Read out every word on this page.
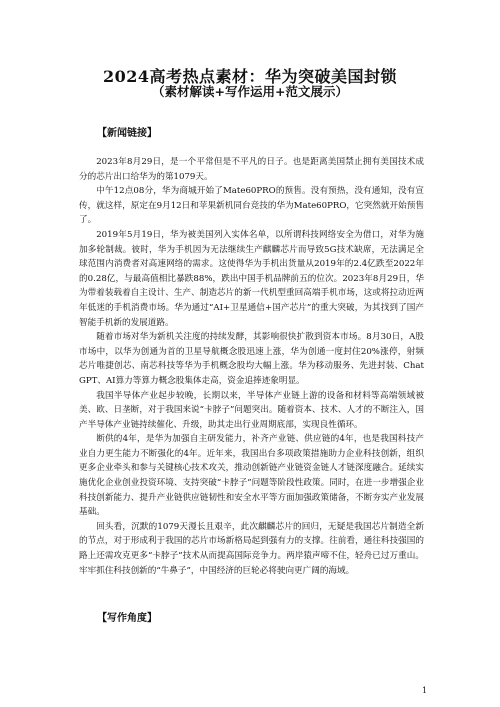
2024高考热点素材：华为突破美国封锁
（素材解读+写作运用+范文展示）
【新闻链接】

2023年8月29日，是一个平常但是不平凡的日子。也是距离美国禁止拥有美国技术成分的芯片出口给华为的第1079天。

中午12点08分，华为商城开始了Mate60PRO的预售。没有预热，没有通知，没有宣传，就这样，原定在9月12日和苹果新机同台竞技的华为Mate60PRO，它突然就开始预售了。

2019年5月19日，华为被美国列入实体名单，以所谓科技网络安全为借口，对华为施加多轮制裁。彼时，华为手机因为无法继续生产麒麟芯片而导致5G技术缺席，无法满足全球范围内消费者对高速网络的需求。这使得华为手机出货量从2019年的2.4亿跌至2022年的0.28亿，与最高值相比暴跌88%，跌出中国手机品牌前五的位次。2023年8月29日，华为带着装载着自主设计、生产、制造芯片的新一代机型重回高端手机市场，这或将拉动近两年低迷的手机消费市场。华为通过“AI+卫星通信+国产芯片”的重大突破，为其找到了国产智能手机新的发展道路。

随着市场对华为新机关注度的持续发酵，其影响很快扩散到资本市场。8月30日，A股市场中，以华为创通为首的卫星导航概念股迅速上涨，华为创通一度封住20%涨停，射频芯片唯捷创芯、南芯科技等华为手机概念股均大幅上涨。华为移动服务、先进封装、ChatGPT、AI算力等算力概念股集体走高，资金追捧迹象明显。

我国半导体产业起步较晚，长期以来，半导体产业链上游的设备和材料等高端领域被美、欧、日垄断，对于我国来说“卡脖子”问题突出。随着资本、技术、人才的不断注入，国产半导体产业链持续催化、升级，助其走出行业周期底部，实现良性循环。

断供的4年，是华为加强自主研发能力，补齐产业链、供应链的4年，也是我国科技产业自力更生能力不断强化的4年。近年来，我国出台多项政策措施助力企业科技创新，组织更多企业牵头和参与关键核心技术攻关，推动创新链产业链资金链人才链深度融合。延续实施优化企业创业投资环境、支持突破“卡脖子”问题等阶段性政策。同时，在进一步增强企业科技创新能力、提升产业链供应链韧性和安全水平等方面加强政策储备，不断夯实产业发展基础。

回头看，沉默的1079天漫长且艰辛，此次麒麟芯片的回归，无疑是我国芯片制造全新的节点，对于形成利于我国的芯片市场新格局起到强有力的支撑。往前看，通往科技强国的路上还需攻克更多“卡脖子”技术从而提高国际竞争力。两岸猿声啼不住，轻舟已过万重山。牢牢抓住科技创新的“牛鼻子”，中国经济的巨轮必将驶向更广阔的海域。

【写作角度】
1
